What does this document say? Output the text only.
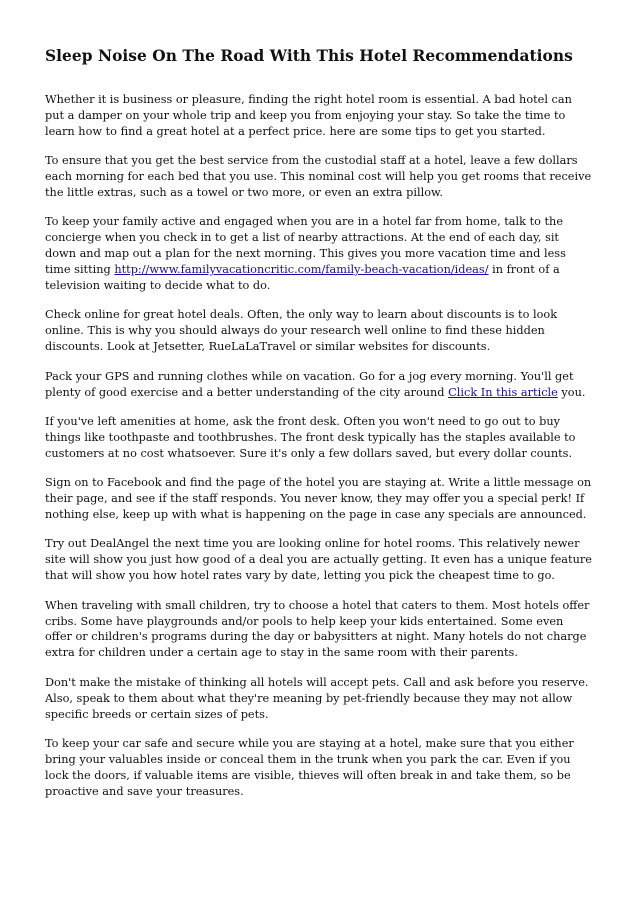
Sleep Noise On The Road With This Hotel Recommendations

Whether it is business or pleasure, finding the right hotel room is essential. A bad hotel can put a damper on your whole trip and keep you from enjoying your stay. So take the time to learn how to find a great hotel at a perfect price. here are some tips to get you started.

To ensure that you get the best service from the custodial staff at a hotel, leave a few dollars each morning for each bed that you use. This nominal cost will help you get rooms that receive the little extras, such as a towel or two more, or even an extra pillow.

To keep your family active and engaged when you are in a hotel far from home, talk to the concierge when you check in to get a list of nearby attractions. At the end of each day, sit down and map out a plan for the next morning. This gives you more vacation time and less time sitting http://www.familyvacationcritic.com/family-beach-vacation/ideas/ in front of a television waiting to decide what to do.

Check online for great hotel deals. Often, the only way to learn about discounts is to look online. This is why you should always do your research well online to find these hidden discounts. Look at Jetsetter, RueLaLaTravel or similar websites for discounts.

Pack your GPS and running clothes while on vacation. Go for a jog every morning. You'll get plenty of good exercise and a better understanding of the city around Click In this article you.

If you've left amenities at home, ask the front desk. Often you won't need to go out to buy things like toothpaste and toothbrushes. The front desk typically has the staples available to customers at no cost whatsoever. Sure it's only a few dollars saved, but every dollar counts.

Sign on to Facebook and find the page of the hotel you are staying at. Write a little message on their page, and see if the staff responds. You never know, they may offer you a special perk! If nothing else, keep up with what is happening on the page in case any specials are announced.

Try out DealAngel the next time you are looking online for hotel rooms. This relatively newer site will show you just how good of a deal you are actually getting. It even has a unique feature that will show you how hotel rates vary by date, letting you pick the cheapest time to go.

When traveling with small children, try to choose a hotel that caters to them. Most hotels offer cribs. Some have playgrounds and/or pools to help keep your kids entertained. Some even offer or children's programs during the day or babysitters at night. Many hotels do not charge extra for children under a certain age to stay in the same room with their parents.

Don't make the mistake of thinking all hotels will accept pets. Call and ask before you reserve. Also, speak to them about what they're meaning by pet-friendly because they may not allow specific breeds or certain sizes of pets.

To keep your car safe and secure while you are staying at a hotel, make sure that you either bring your valuables inside or conceal them in the trunk when you park the car. Even if you lock the doors, if valuable items are visible, thieves will often break in and take them, so be proactive and save your treasures.
